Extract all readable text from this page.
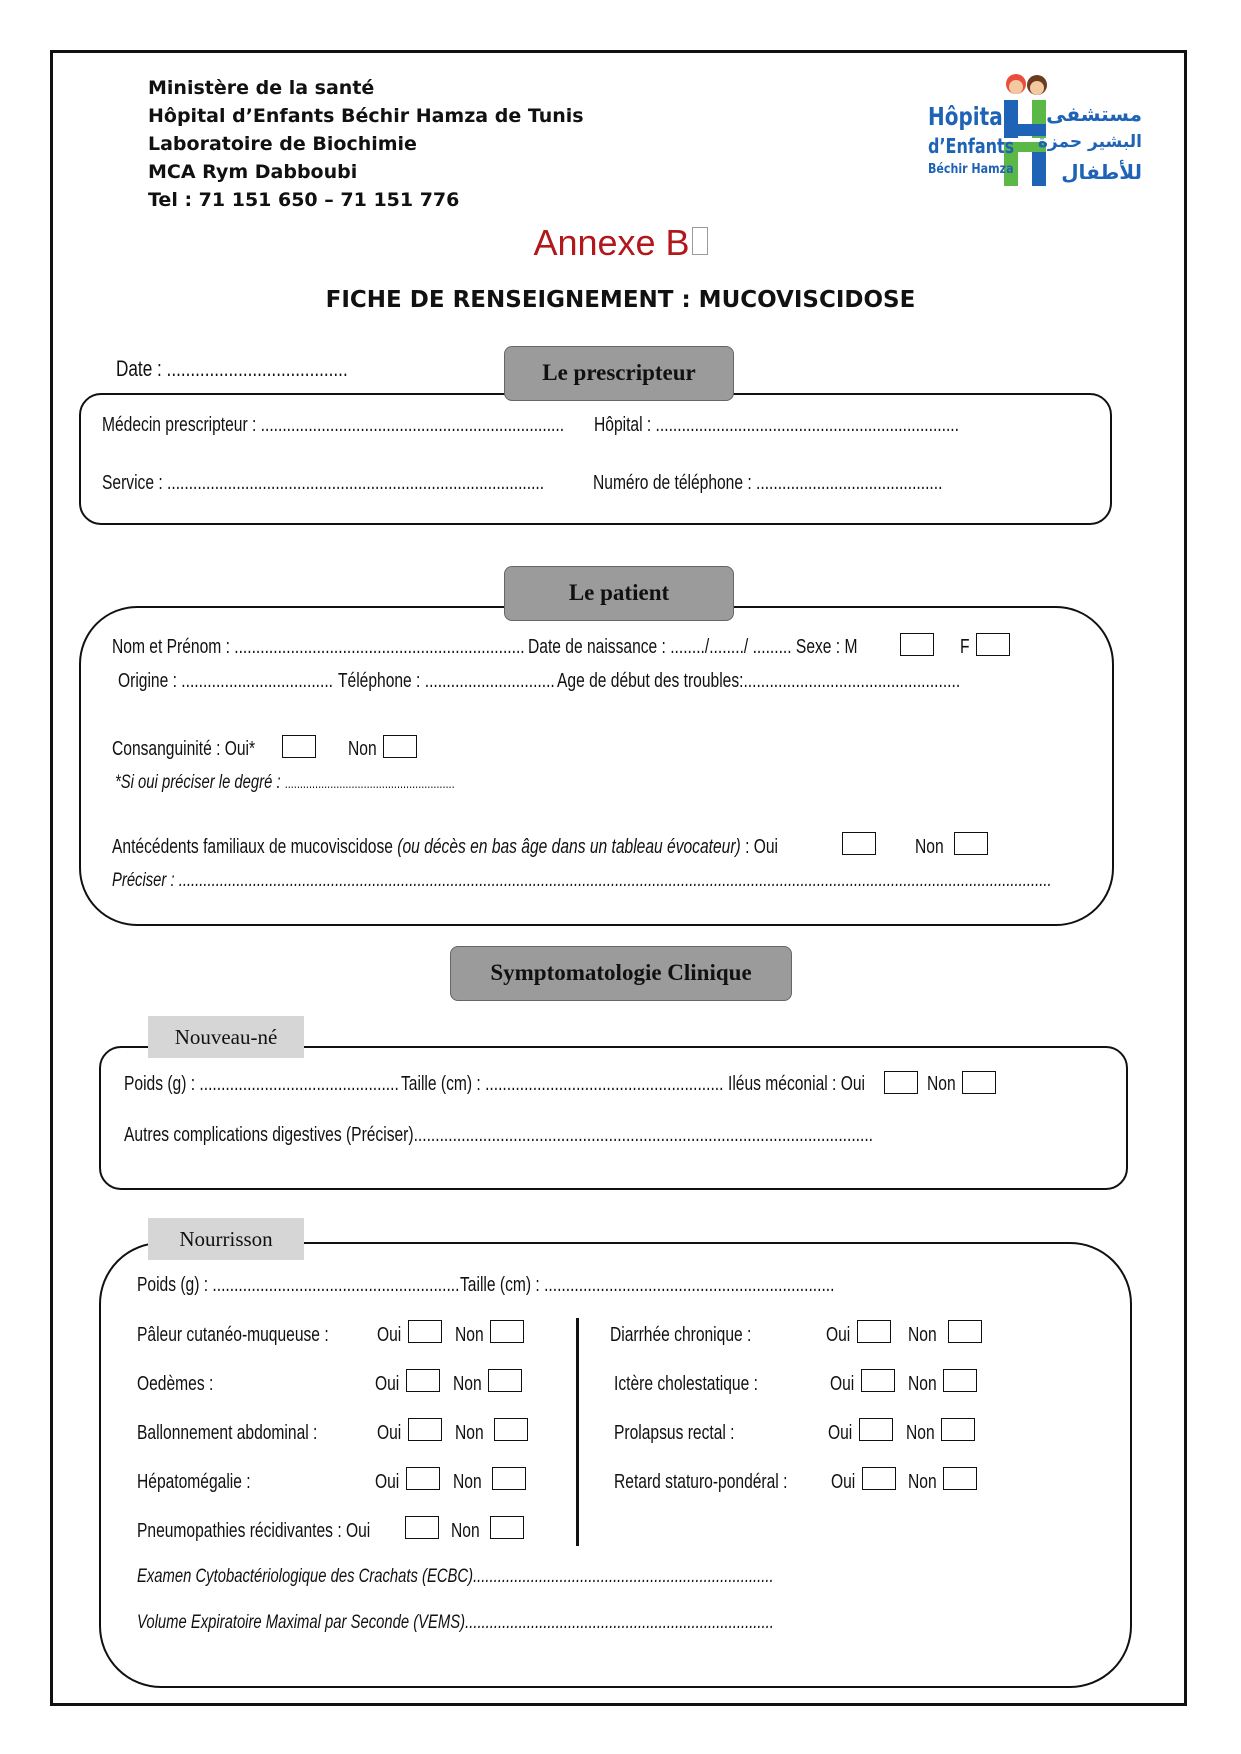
Ministère de la santé
Hôpital d’Enfants Béchir Hamza de Tunis
Laboratoire de Biochimie
MCA Rym Dabboubi
Tel : 71 151 650 – 71 151 776
Hôpital
d’Enfants
Béchir Hamza
مستشفى
البشير حمزة
للأطفال
Annexe B
FICHE DE RENSEIGNEMENT : MUCOVISCIDOSE
Date : ......................................	Le prescripteur
Médecin prescripteur : ...................................................................... Hôpital : ......................................................................
Service : ....................................................................................... Numéro de téléphone : ...........................................
Le patient
Nom et Prénom : ................................................................... Date de naissance : ......../......../ ......... Sexe : M	F
Origine : ................................... Téléphone : .............................. Age de début des troubles:..................................................
Consanguinité : Oui*	Non
*Si oui préciser le degré : ........................................................
Antécédents familiaux de mucoviscidose (ou décès en bas âge dans un tableau évocateur) : Oui	Non
Préciser : ....................................................................................................................................................................................................................
Symptomatologie Clinique
Nouveau-né
Poids (g) : .............................................. Taille (cm) : ....................................................... Iléus méconial : Oui	Non
Autres complications digestives (Préciser)..........................................................................................................
Nourrisson
Poids (g) : ......................................................... Taille (cm) : ...................................................................
Pâleur cutanéo-muqueuse : Oui	Non
Oedèmes :	Oui	Non
Ballonnement abdominal :	Oui	Non
Hépatomégalie :	Oui	Non
Pneumopathies récidivantes : Oui	Non
Diarrhée chronique :	Oui	Non
Ictère cholestatique :	Oui	Non
Prolapsus rectal :	Oui	Non
Retard staturo-pondéral : Oui	Non
Examen Cytobactériologique des Crachats (ECBC).........................................................................
Volume Expiratoire Maximal par Seconde (VEMS)...........................................................................
